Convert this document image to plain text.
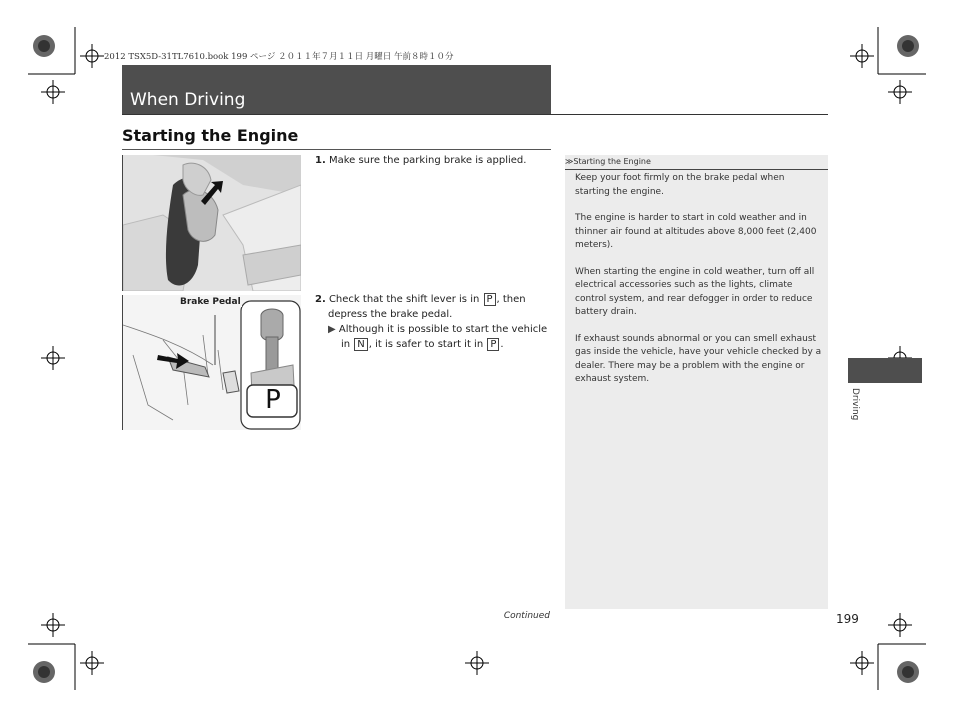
2012 TSX5D-31TL7610.book 199 ページ ２０１１年７月１１日 月曜日 午前８時１０分
When Driving
Starting the Engine
Brake Pedal
P
1. Make sure the parking brake is applied.
2. Check that the shift lever is in P , then
depress the brake pedal.
▶ Although it is possible to start the vehicle
in N , it is safer to start it in P .
≫Starting the Engine
Keep your foot firmly on the brake pedal when
starting the engine.
The engine is harder to start in cold weather and in
thinner air found at altitudes above 8,000 feet (2,400
meters).
When starting the engine in cold weather, turn off all
electrical accessories such as the lights, climate
control system, and rear defogger in order to reduce
battery drain.
If exhaust sounds abnormal or you can smell exhaust
gas inside the vehicle, have your vehicle checked by a
dealer. There may be a problem with the engine or
exhaust system.
Driving
Continued	199
